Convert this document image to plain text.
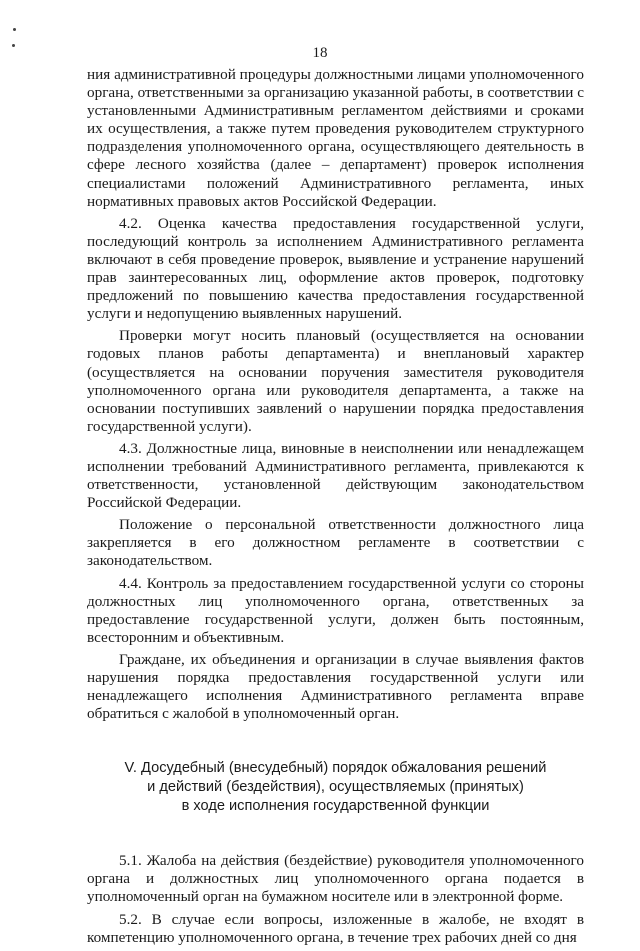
18

ния административной процедуры должностными лицами уполномоченного органа, ответственными за организацию указанной работы, в соответствии с установленными Административным регламентом действиями и сроками их осуществления, а также путем проведения руководителем структурного подразделения уполномоченного органа, осуществляющего деятельность в сфере лесного хозяйства (далее – департамент) проверок исполнения специалистами положений Административного регламента, иных нормативных правовых актов Российской Федерации.

4.2. Оценка качества предоставления государственной услуги, последующий контроль за исполнением Административного регламента включают в себя проведение проверок, выявление и устранение нарушений прав заинтересованных лиц, оформление актов проверок, подготовку предложений по повышению качества предоставления государственной услуги и недопущению выявленных нарушений.

Проверки могут носить плановый (осуществляется на основании годовых планов работы департамента) и внеплановый характер (осуществляется на основании поручения заместителя руководителя уполномоченного органа или руководителя департамента, а также на основании поступивших заявлений о нарушении порядка предоставления государственной услуги).

4.3. Должностные лица, виновные в неисполнении или ненадлежащем исполнении требований Административного регламента, привлекаются к ответственности, установленной действующим законодательством Российской Федерации.

Положение о персональной ответственности должностного лица закрепляется в его должностном регламенте в соответствии с законодательством.

4.4. Контроль за предоставлением государственной услуги со стороны должностных лиц уполномоченного органа, ответственных за предоставление государственной услуги, должен быть постоянным, всесторонним и объективным.

Граждане, их объединения и организации в случае выявления фактов нарушения порядка предоставления государственной услуги или ненадлежащего исполнения Административного регламента вправе обратиться с жалобой в уполномоченный орган.

V. Досудебный (внесудебный) порядок обжалования решений
и действий (бездействия), осуществляемых (принятых)
в ходе исполнения государственной функции

5.1. Жалоба на действия (бездействие) руководителя уполномоченного органа и должностных лиц уполномоченного органа подается в уполномоченный орган на бумажном носителе или в электронной форме.

5.2. В случае если вопросы, изложенные в жалобе, не входят в компетенцию уполномоченного органа, в течение трех рабочих дней со дня
